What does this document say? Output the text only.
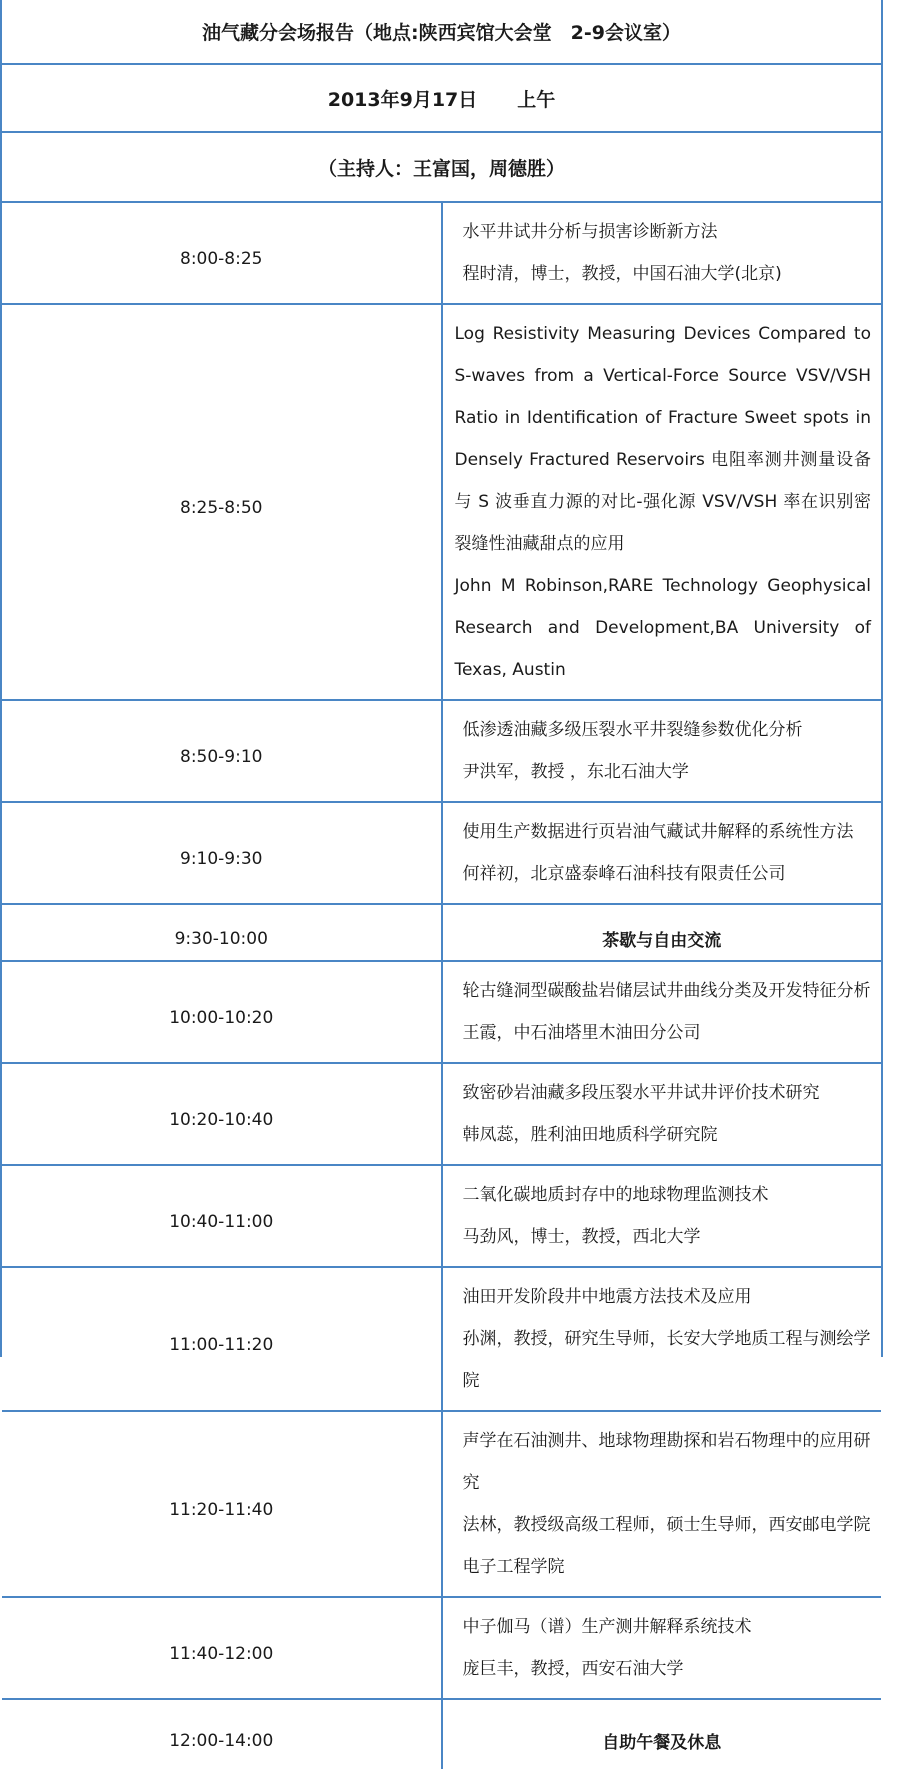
油气藏分会场报告（地点:陕西宾馆大会堂　2-9会议室）	
2013年9月17日 上午	
（主持人：王富国，周德胜）	
8:00-8:25	水平井试井分析与损害诊断新方法
程时清，博士，教授，中国石油大学(北京)

8:25-8:50	Log Resistivity Measuring Devices Compared to S-waves from a Vertical-Force Source VSV/VSH Ratio in Identification of Fracture Sweet spots in Densely Fractured Reservoirs 电阻率测井测量设备与 S 波垂直力源的对比-强化源 VSV/VSH 率在识别密裂缝性油藏甜点的应用
John M Robinson,RARE Technology Geophysical Research and Development,BA University of Texas, Austin

8:50-9:10	低渗透油藏多级压裂水平井裂缝参数优化分析
尹洪军，教授 ，东北石油大学

9:10-9:30	使用生产数据进行页岩油气藏试井解释的系统性方法
何祥初，北京盛泰峰石油科技有限责任公司

9:30-10:00	茶歇与自由交流
10:00-10:20	轮古缝洞型碳酸盐岩储层试井曲线分类及开发特征分析
王霞，中石油塔里木油田分公司

10:20-10:40	致密砂岩油藏多段压裂水平井试井评价技术研究
韩凤蕊，胜利油田地质科学研究院

10:40-11:00	二氧化碳地质封存中的地球物理监测技术
马劲风，博士，教授，西北大学

11:00-11:20	油田开发阶段井中地震方法技术及应用
孙渊，教授，研究生导师，长安大学地质工程与测绘学院

11:20-11:40	声学在石油测井、地球物理勘探和岩石物理中的应用研究
法林，教授级高级工程师，硕士生导师，西安邮电学院电子工程学院

11:40-12:00	中子伽马（谱）生产测井解释系统技术
庞巨丰，教授，西安石油大学

12:00-14:00	自助午餐及休息
